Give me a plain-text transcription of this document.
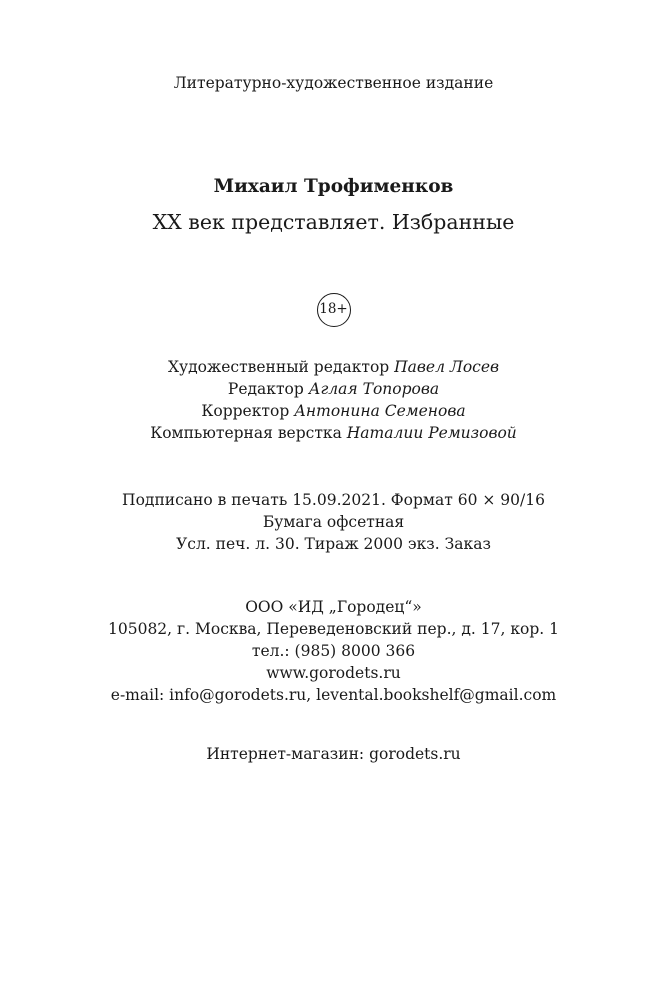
Литературно-художественное издание
Михаил Трофименков
XX век представляет. Избранные
18+
Художественный редактор Павел Лосев
Редактор Аглая Топорова
Корректор Антонина Семенова
Компьютерная верстка Наталии Ремизовой
Подписано в печать 15.09.2021. Формат 60 × 90/16
Бумага офсетная
Усл. печ. л. 30. Тираж 2000 экз. Заказ
ООО «ИД „Городец“»
105082, г. Москва, Переведеновский пер., д. 17, кор. 1
тел.: (985) 8000 366
www.gorodets.ru
e-mail: info@gorodets.ru, levental.bookshelf@gmail.com
Интернет-магазин: gorodets.ru
